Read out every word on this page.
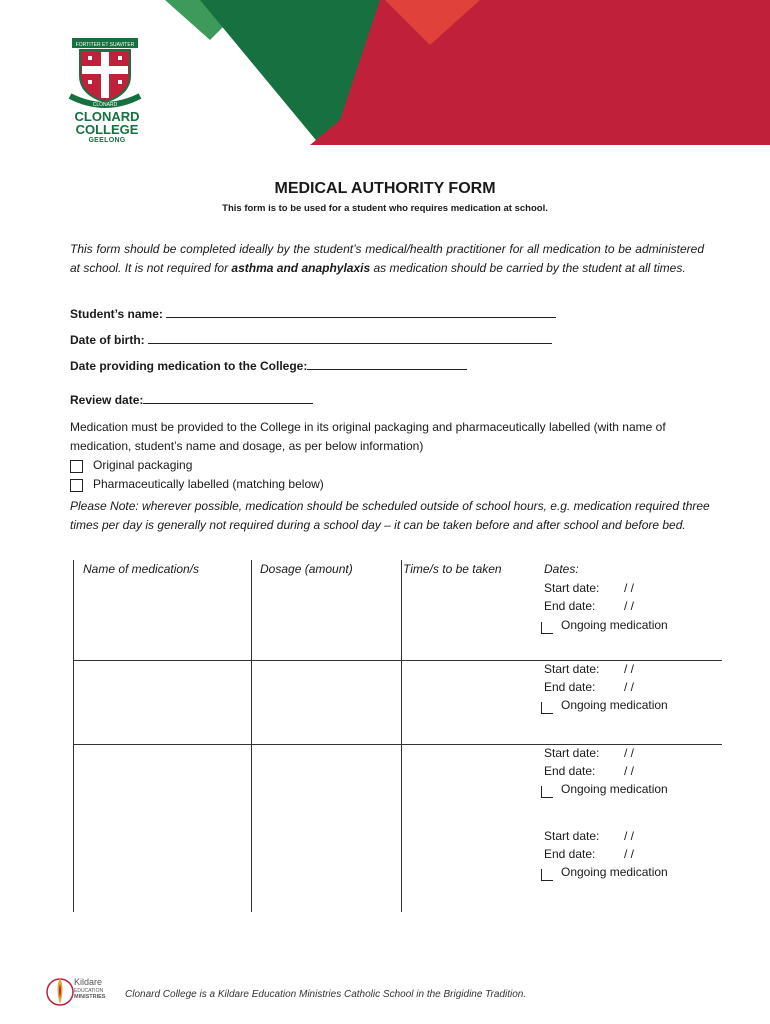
FORTITER ET SUAVITER
CLONARD
CLONARD
COLLEGE
GEELONG
MEDICAL AUTHORITY FORM
This form is to be used for a student who requires medication at school.
This form should be completed ideally by the student’s medical/health practitioner for all medication to be administered at school. It is not required for asthma and anaphylaxis as medication should be carried by the student at all times.
Student’s name:
Date of birth:
Date providing medication to the College:
Review date:
Medication must be provided to the College in its original packaging and pharmaceutically labelled (with name of medication, student’s name and dosage, as per below information)
Original packaging
Pharmaceutically labelled (matching below)
Please Note: wherever possible, medication should be scheduled outside of school hours, e.g. medication required three times per day is generally not required during a school day – it can be taken before and after school and before bed.
Name of medication/s	Dosage (amount)	Time/s to be taken	Dates:
Start date: / /
End date: / /
Ongoing medication
Start date: / /
End date: / /
Ongoing medication
Start date: / /
End date: / /
Ongoing medication
Start date: / /
End date: / /
Ongoing medication
Kildare
EDUCATION
MINISTRIES Clonard College is a Kildare Education Ministries Catholic School in the Brigidine Tradition.
